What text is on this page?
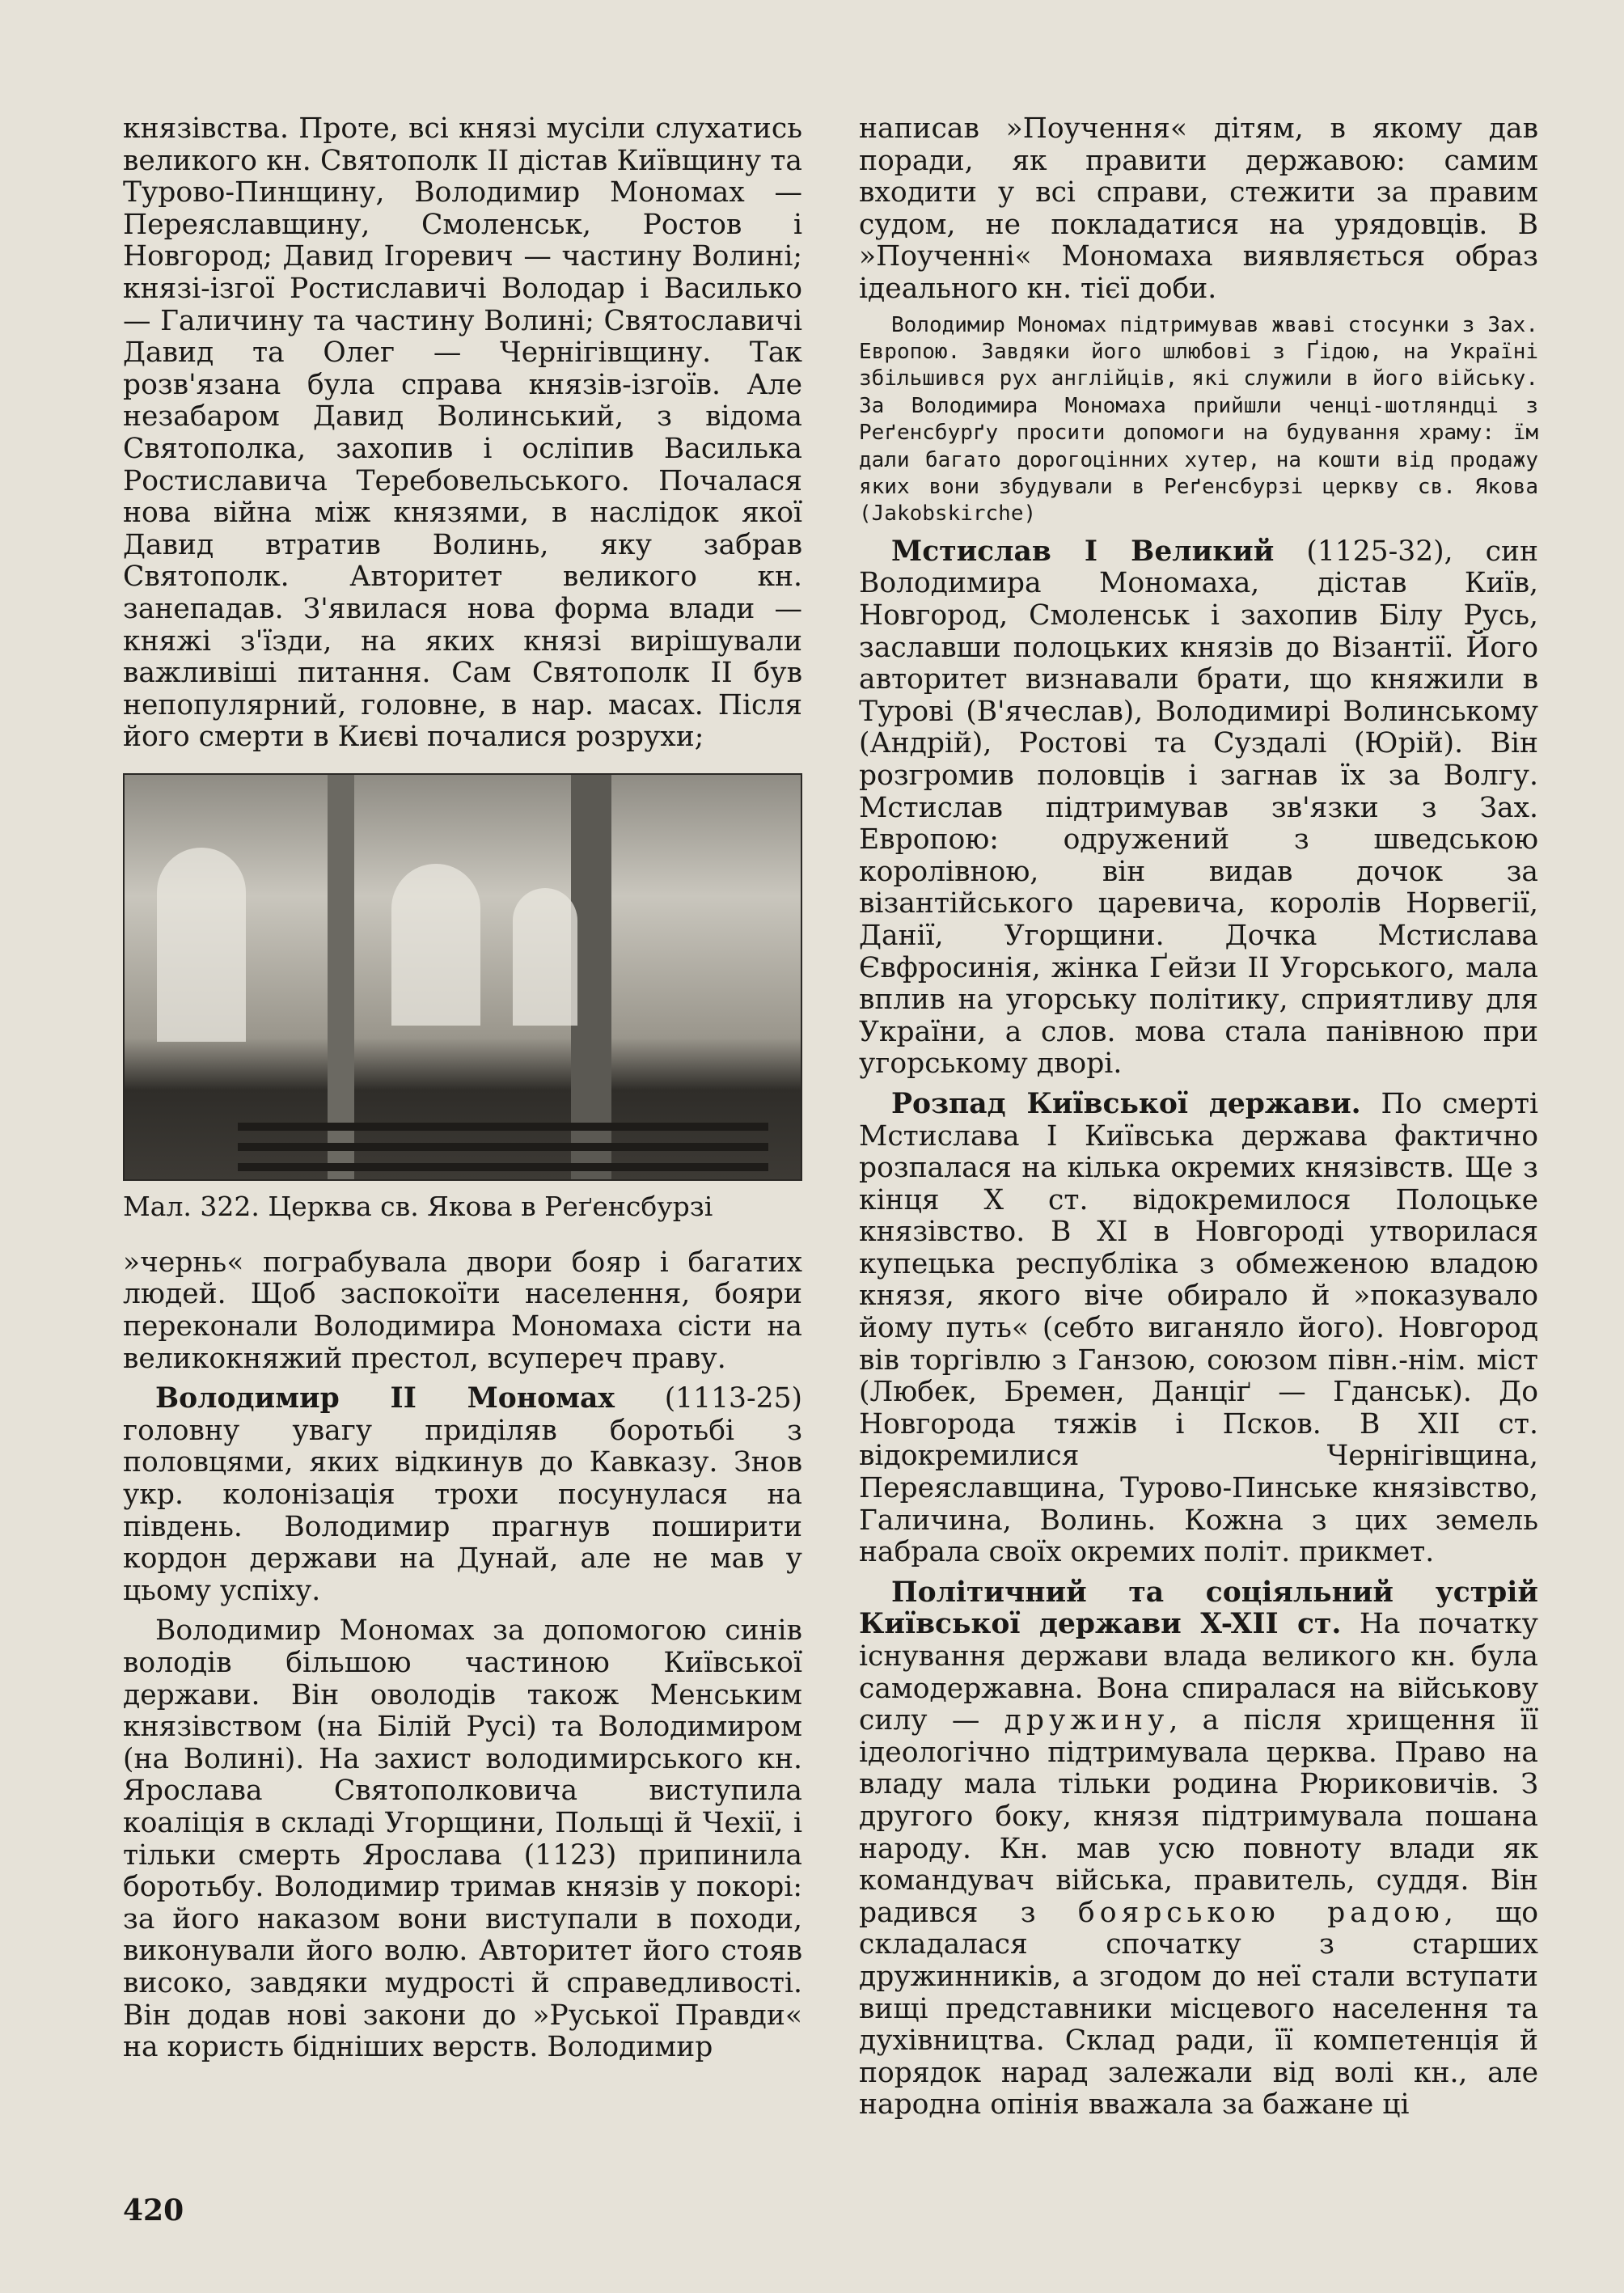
князівства. Проте, всі князі мусіли слухатись великого кн. Святополк II дістав Київщину та Турово-Пинщину, Володимир Мономах — Переяславщину, Смоленськ, Ростов і Новгород; Давид Ігоревич — частину Волині; князі-ізгої Ростиславичі Володар і Василько — Галичину та частину Волині; Святославичі Давид та Олег — Чернігівщину. Так розв'язана була справа князів-ізгоїв. Але незабаром Давид Волинський, з відома Святополка, захопив і осліпив Василька Ростиславича Теребовельського. Почалася нова війна між князями, в наслідок якої Давид втратив Волинь, яку забрав Святополк. Авторитет великого кн. занепадав. З'явилася нова форма влади — княжі з'їзди, на яких князі вирішували важливіші питання. Сам Святополк II був непопулярний, головне, в нар. масах. Після його смерти в Києві почалися розрухи;

Мал. 322. Церква св. Якова в Реґенсбурзі

»чернь« пограбувала двори бояр і багатих людей. Щоб заспокоїти населення, бояри переконали Володимира Мономаха сісти на великокняжий престол, всупереч праву.

Володимир II Мономах (1113-25) головну увагу приділяв боротьбі з половцями, яких відкинув до Кавказу. Знов укр. колонізація трохи посунулася на південь. Володимир прагнув поширити кордон держави на Дунай, але не мав у цьому успіху.

Володимир Мономах за допомогою синів володів більшою частиною Київської держави. Він оволодів також Менським князівством (на Білій Русі) та Володимиром (на Волині). На захист володимирського кн. Ярослава Святополковича виступила коаліція в складі Угорщини, Польщі й Чехії, і тільки смерть Ярослава (1123) припинила боротьбу. Володимир тримав князів у покорі: за його наказом вони виступали в походи, виконували його волю. Авторитет його стояв високо, завдяки мудрості й справедливості. Він додав нові закони до »Руської Правди« на користь бідніших верств. Володимир

написав »Поучення« дітям, в якому дав поради, як правити державою: самим входити у всі справи, стежити за правим судом, не покладатися на урядовців. В »Поученні« Мономаха виявляється образ ідеального кн. тієї доби.

Володимир Мономах підтримував жваві стосунки з Зах. Европою. Завдяки його шлюбові з Ґідою, на Україні збільшився рух англійців, які служили в його війську. За Володимира Мономаха прийшли ченці-шотляндці з Реґенсбурґу просити допомоги на будування храму: їм дали багато дорогоцінних хутер, на кошти від продажу яких вони збудували в Реґенсбурзі церкву св. Якова (Jakobskirche)

Мстислав I Великий (1125-32), син Володимира Мономаха, дістав Київ, Новгород, Смоленськ і захопив Білу Русь, заславши полоцьких князів до Візантії. Його авторитет визнавали брати, що княжили в Турові (В'ячеслав), Володимирі Волинському (Андрій), Ростові та Суздалі (Юрій). Він розгромив половців і загнав їх за Волгу. Мстислав підтримував зв'язки з Зах. Европою: одружений з шведською королівною, він видав дочок за візантійського царевича, королів Норвегії, Данії, Угорщини. Дочка Мстислава Євфросинія, жінка Ґейзи II Угорського, мала вплив на угорську політику, сприятливу для України, а слов. мова стала панівною при угорському дворі.

Розпад Київської держави. По смерті Мстислава I Київська держава фактично розпалася на кілька окремих князівств. Ще з кінця X ст. відокремилося Полоцьке князівство. В XI в Новгороді утворилася купецька республіка з обмеженою владою князя, якого віче обирало й »показувало йому путь« (себто виганяло його). Новгород вів торгівлю з Ганзою, союзом півн.-нім. міст (Любек, Бремен, Данціґ — Гданськ). До Новгорода тяжів і Псков. В XII ст. відокремилися Чернігівщина, Переяславщина, Турово-Пинське князівство, Галичина, Волинь. Кожна з цих земель набрала своїх окремих політ. прикмет.

Політичний та соціяльний устрій Київської держави X-XII ст. На початку існування держави влада великого кн. була самодержавна. Вона спиралася на військову силу — дружину, а після хрищення її ідеологічно підтримувала церква. Право на владу мала тільки родина Рюриковичів. З другого боку, князя підтримувала пошана народу. Кн. мав усю повноту влади як командувач війська, правитель, суддя. Він радився з боярською радою, що складалася спочатку з старших дружинників, а згодом до неї стали вступати вищі представники місцевого населення та духівництва. Склад ради, її компетенція й порядок нарад залежали від волі кн., але народна опінія вважала за бажане ці

420
